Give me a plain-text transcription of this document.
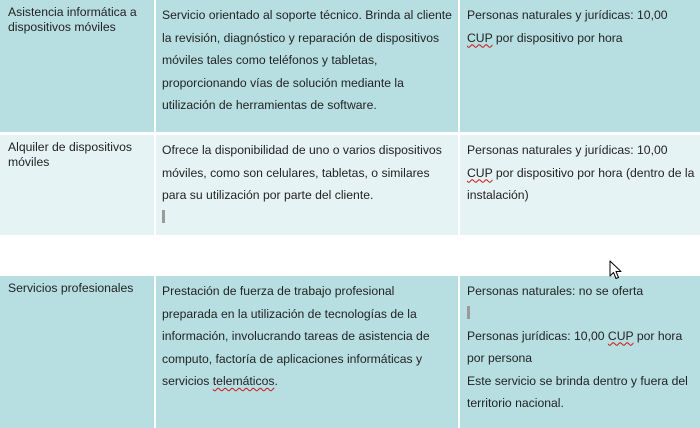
Asistencia informática a dispositivos móviles
Servicio orientado al soporte técnico. Brinda al cliente la revisión, diagnóstico y reparación de dispositivos móviles tales como teléfonos y tabletas, proporcionando vías de solución mediante la utilización de herramientas de software.
Personas naturales y jurídicas: 10,00 CUP por dispositivo por hora
Alquiler de dispositivos móviles
Ofrece la disponibilidad de uno o varios dispositivos móviles, como son celulares, tabletas, o similares para su utilización por parte del cliente.
Personas naturales y jurídicas: 10,00 CUP por dispositivo por hora (dentro de la instalación)
Servicios profesionales	Prestación de fuerza de trabajo profesional preparada en la utilización de tecnologías de la información, involucrando tareas de asistencia de computo, factoría de aplicaciones informáticas y servicios telemáticos.

Personas naturales: no se oferta

Personas jurídicas: 10,00 CUP por hora por persona

Este servicio se brinda dentro y fuera del territorio nacional.
